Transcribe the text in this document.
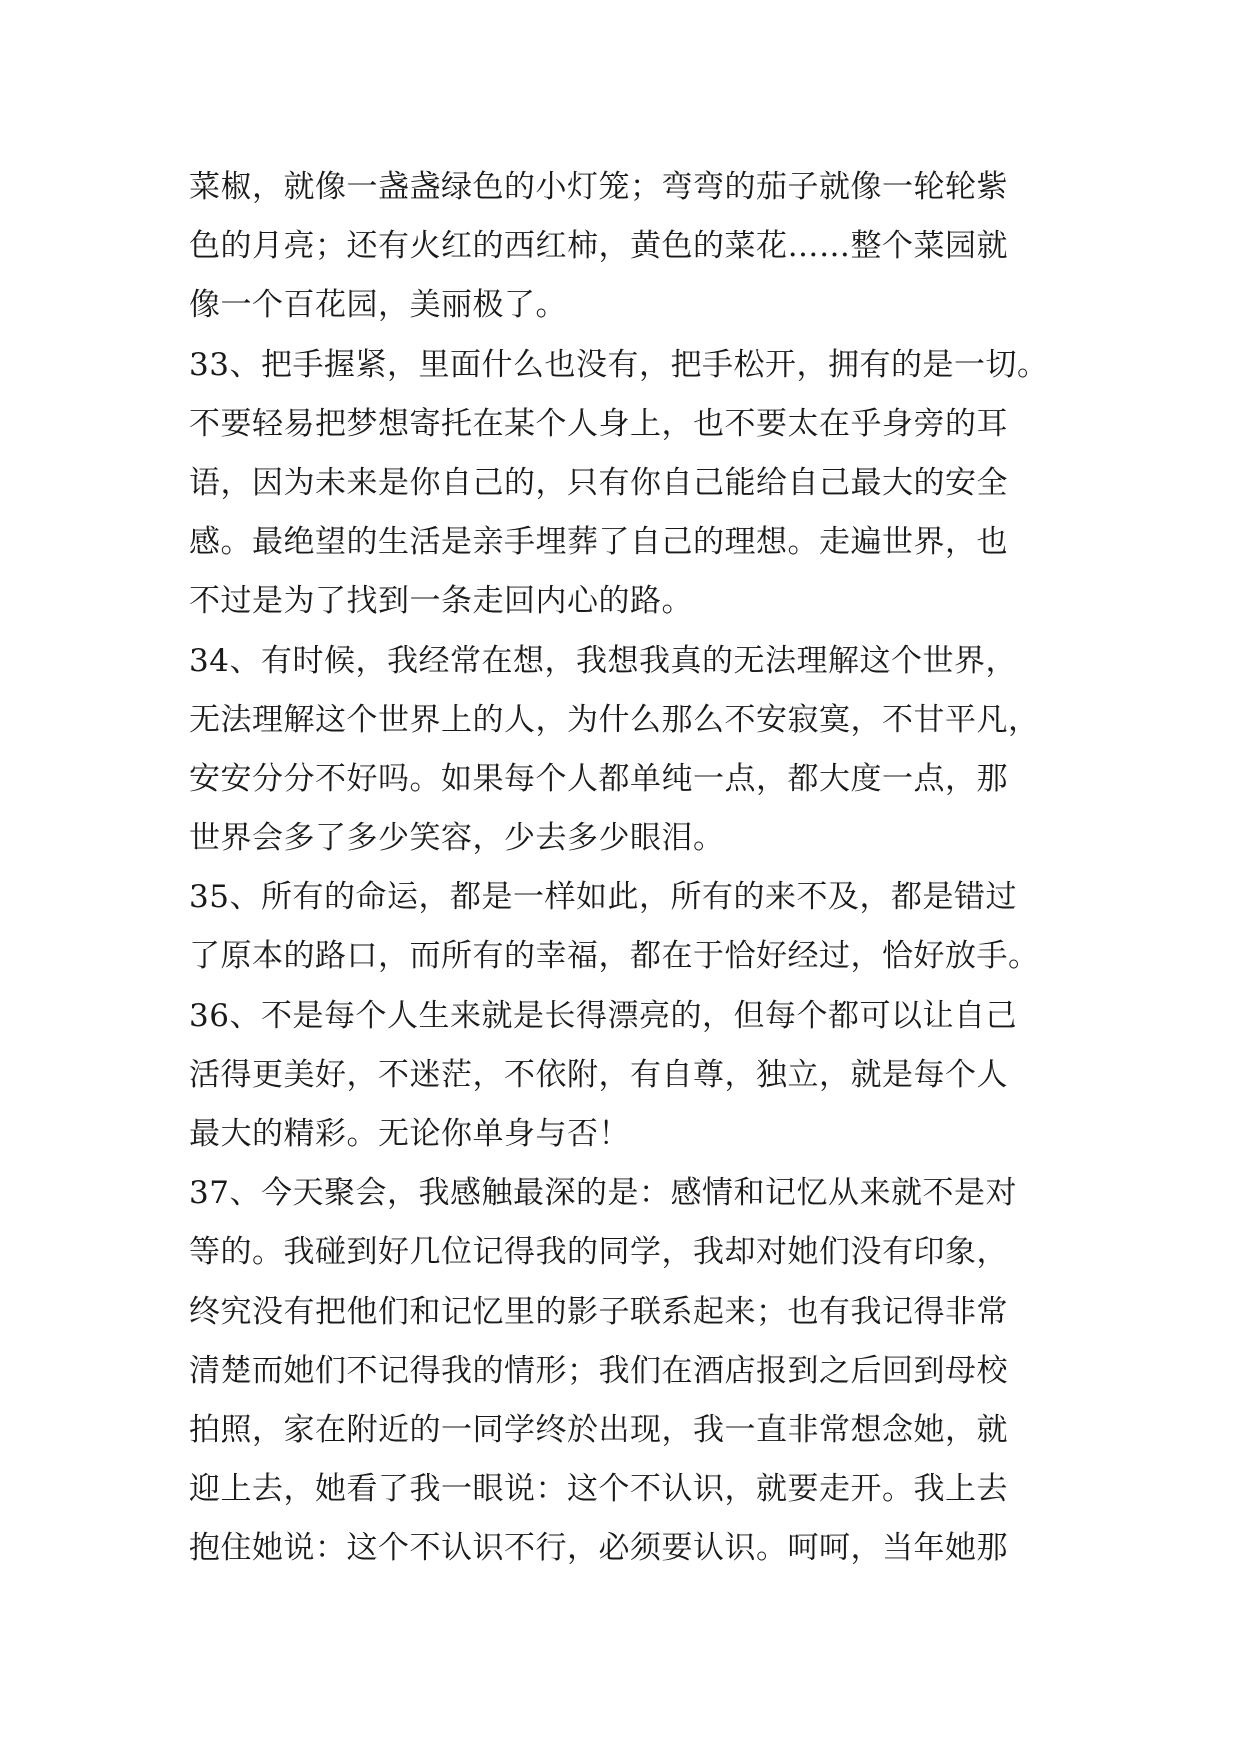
菜椒，就像一盏盏绿色的小灯笼；弯弯的茄子就像一轮轮紫
色的月亮；还有火红的西红柿，黄色的菜花……整个菜园就
像一个百花园，美丽极了。
33、把手握紧，里面什么也没有，把手松开，拥有的是一切。
不要轻易把梦想寄托在某个人身上，也不要太在乎身旁的耳
语，因为未来是你自己的，只有你自己能给自己最大的安全
感。最绝望的生活是亲手埋葬了自己的理想。走遍世界，也
不过是为了找到一条走回内心的路。
34、有时候，我经常在想，我想我真的无法理解这个世界，
无法理解这个世界上的人，为什么那么不安寂寞，不甘平凡，
安安分分不好吗。如果每个人都单纯一点，都大度一点，那
世界会多了多少笑容，少去多少眼泪。
35、所有的命运，都是一样如此，所有的来不及，都是错过
了原本的路口，而所有的幸福，都在于恰好经过，恰好放手。
36、不是每个人生来就是长得漂亮的，但每个都可以让自己
活得更美好，不迷茫，不依附，有自尊，独立，就是每个人
最大的精彩。无论你单身与否！
37、今天聚会，我感触最深的是：感情和记忆从来就不是对
等的。我碰到好几位记得我的同学，我却对她们没有印象，
终究没有把他们和记忆里的影子联系起来；也有我记得非常
清楚而她们不记得我的情形；我们在酒店报到之后回到母校
拍照，家在附近的一同学终於出现，我一直非常想念她，就
迎上去，她看了我一眼说：这个不认识，就要走开。我上去
抱住她说：这个不认识不行，必须要认识。呵呵，当年她那
